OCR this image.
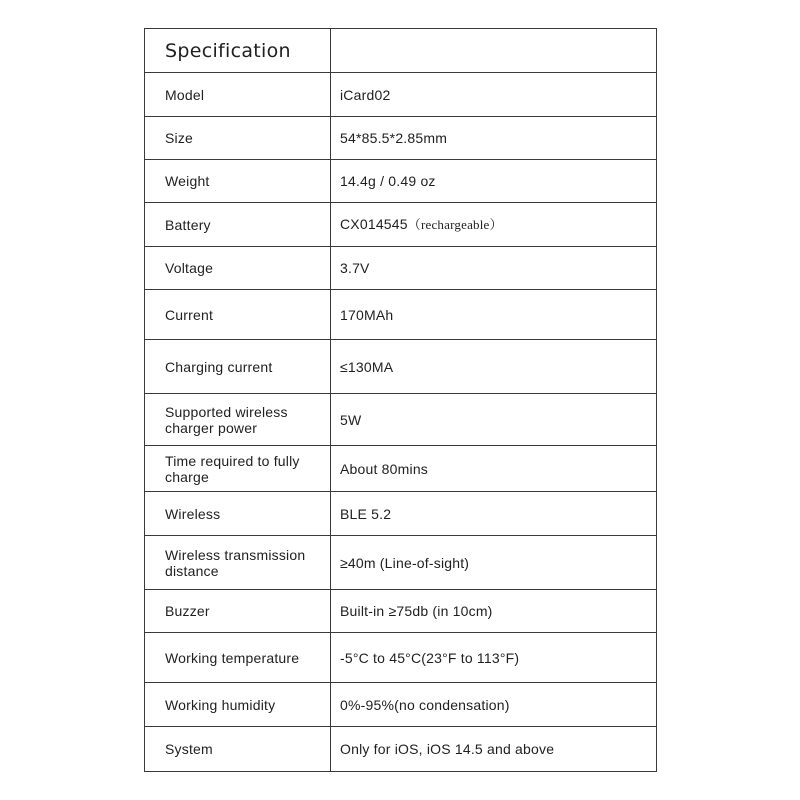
Specification	
Model	iCard02
Size	54*85.5*2.85mm
Weight	14.4g / 0.49 oz
Battery	CX014545（rechargeable）
Voltage	3.7V
Current	170MAh
Charging current	≤130MA
Supported wireless charger power	5W
Time required to fully charge	About 80mins
Wireless	BLE 5.2
Wireless transmission distance	≥40m (Line-of-sight)
Buzzer	Built-in ≥75db (in 10cm)
Working temperature	-5°C to 45°C(23°F to 113°F)
Working humidity	0%-95%(no condensation)
System	Only for iOS, iOS 14.5 and above
